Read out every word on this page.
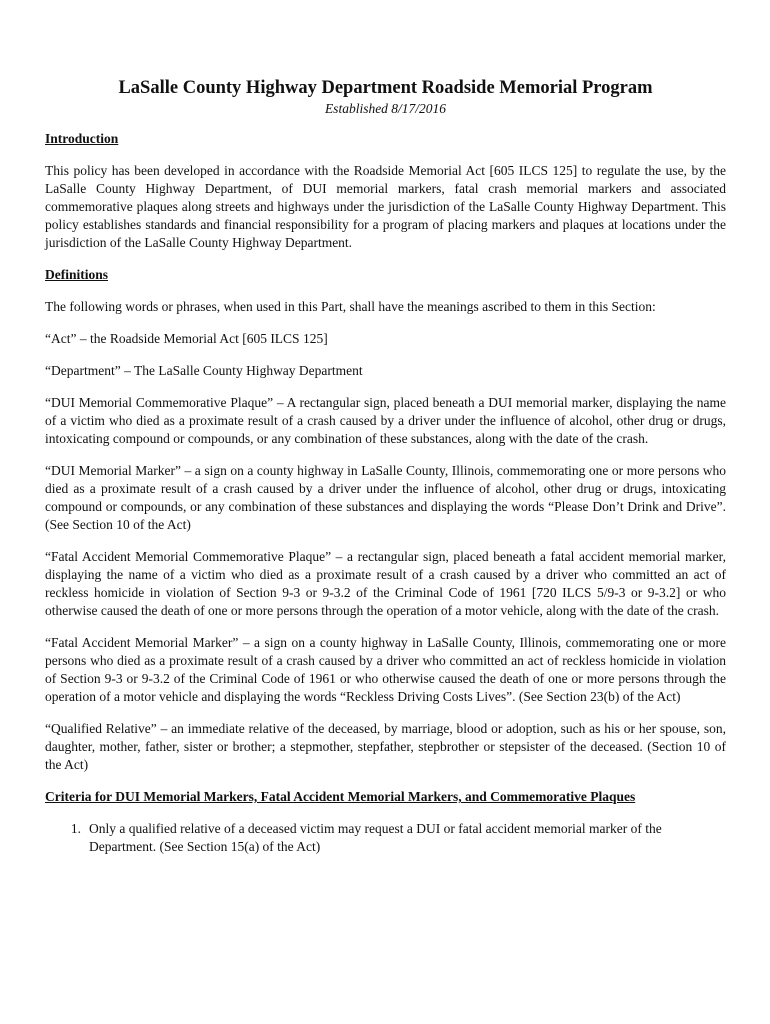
LaSalle County Highway Department Roadside Memorial Program
Established 8/17/2016
Introduction

This policy has been developed in accordance with the Roadside Memorial Act [605 ILCS 125] to regulate the use, by the LaSalle County Highway Department, of DUI memorial markers, fatal crash memorial markers and associated commemorative plaques along streets and highways under the jurisdiction of the LaSalle County Highway Department. This policy establishes standards and financial responsibility for a program of placing markers and plaques at locations under the jurisdiction of the LaSalle County Highway Department.

Definitions

The following words or phrases, when used in this Part, shall have the meanings ascribed to them in this Section:

“Act” – the Roadside Memorial Act [605 ILCS 125]

“Department” – The LaSalle County Highway Department

“DUI Memorial Commemorative Plaque” – A rectangular sign, placed beneath a DUI memorial marker, displaying the name of a victim who died as a proximate result of a crash caused by a driver under the influence of alcohol, other drug or drugs, intoxicating compound or compounds, or any combination of these substances, along with the date of the crash.

“DUI Memorial Marker” – a sign on a county highway in LaSalle County, Illinois, commemorating one or more persons who died as a proximate result of a crash caused by a driver under the influence of alcohol, other drug or drugs, intoxicating compound or compounds, or any combination of these substances and displaying the words “Please Don’t Drink and Drive”. (See Section 10 of the Act)

“Fatal Accident Memorial Commemorative Plaque” – a rectangular sign, placed beneath a fatal accident memorial marker, displaying the name of a victim who died as a proximate result of a crash caused by a driver who committed an act of reckless homicide in violation of Section 9-3 or 9-3.2 of the Criminal Code of 1961 [720 ILCS 5/9-3 or 9-3.2] or who otherwise caused the death of one or more persons through the operation of a motor vehicle, along with the date of the crash.

“Fatal Accident Memorial Marker” – a sign on a county highway in LaSalle County, Illinois, commemorating one or more persons who died as a proximate result of a crash caused by a driver who committed an act of reckless homicide in violation of Section 9-3 or 9-3.2 of the Criminal Code of 1961 or who otherwise caused the death of one or more persons through the operation of a motor vehicle and displaying the words “Reckless Driving Costs Lives”. (See Section 23(b) of the Act)

“Qualified Relative” – an immediate relative of the deceased, by marriage, blood or adoption, such as his or her spouse, son, daughter, mother, father, sister or brother; a stepmother, stepfather, stepbrother or stepsister of the deceased. (Section 10 of the Act)

Criteria for DUI Memorial Markers, Fatal Accident Memorial Markers, and Commemorative Plaques
1. Only a qualified relative of a deceased victim may request a DUI or fatal accident memorial marker of the Department. (See Section 15(a) of the Act)
